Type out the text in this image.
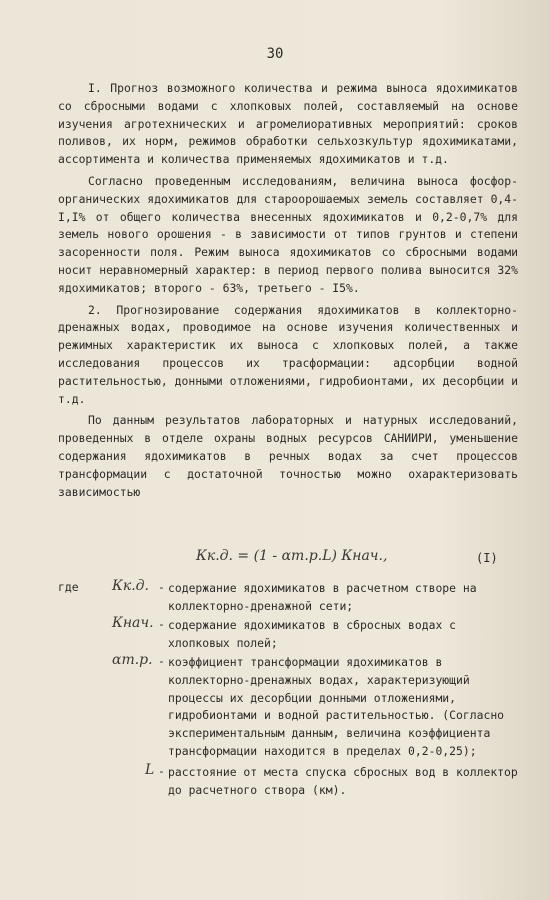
30

I. Прогноз возможного количества и режима выноса ядохимикатов со сбросными водами с хлопковых полей, составляемый на основе изучения агротехнических и агромелиоративных мероприятий: сроков поливов, их норм, режимов обработки сельхозкультур ядохимикатами, ассортимента и количества применяемых ядохимикатов и т.д.

Согласно проведенным исследованиям, величина выноса фосфор-органических ядохимикатов для староорошаемых земель составляет 0,4-I,I% от общего количества внесенных ядохимикатов и 0,2-0,7% для земель нового орошения - в зависимости от типов грунтов и степени засоренности поля. Режим выноса ядохимикатов со сбросными водами носит неравномерный характер: в период первого полива выносится 32% ядохимикатов; второго - 63%, третьего - I5%.

2. Прогнозирование содержания ядохимикатов в коллекторно-дренажных водах, проводимое на основе изучения количественных и режимных характеристик их выноса с хлопковых полей, а также исследования процессов их трасформации: адсорбции водной растительностью, донными отложениями, гидробионтами, их десорбции и т.д.

По данным результатов лабораторных и натурных исследований, проведенных в отделе охраны водных ресурсов САНИИРИ, уменьшение содержания ядохимикатов в речных водах за счет процессов трансформации с достаточной точностью можно охарактеризовать зависимостью

Кк.д. = (1 - αт.р.L) Кнач.,	(I)
где Кк.д. - содержание ядохимикатов в расчетном створе на коллекторно-дренажной сети;
Кнач. - содержание ядохимикатов в сбросных водах с хлопковых полей;
αт.р. - коэффициент трансформации ядохимикатов в коллекторно-дренажных водах, характеризующий процессы их десорбции донными отложениями, гидробионтами и водной растительностью. (Согласно экспериментальным данным, величина коэффициента трансформации находится в пределах 0,2-0,25);
L - расстояние от места спуска сбросных вод в коллектор до расчетного створа (км).
